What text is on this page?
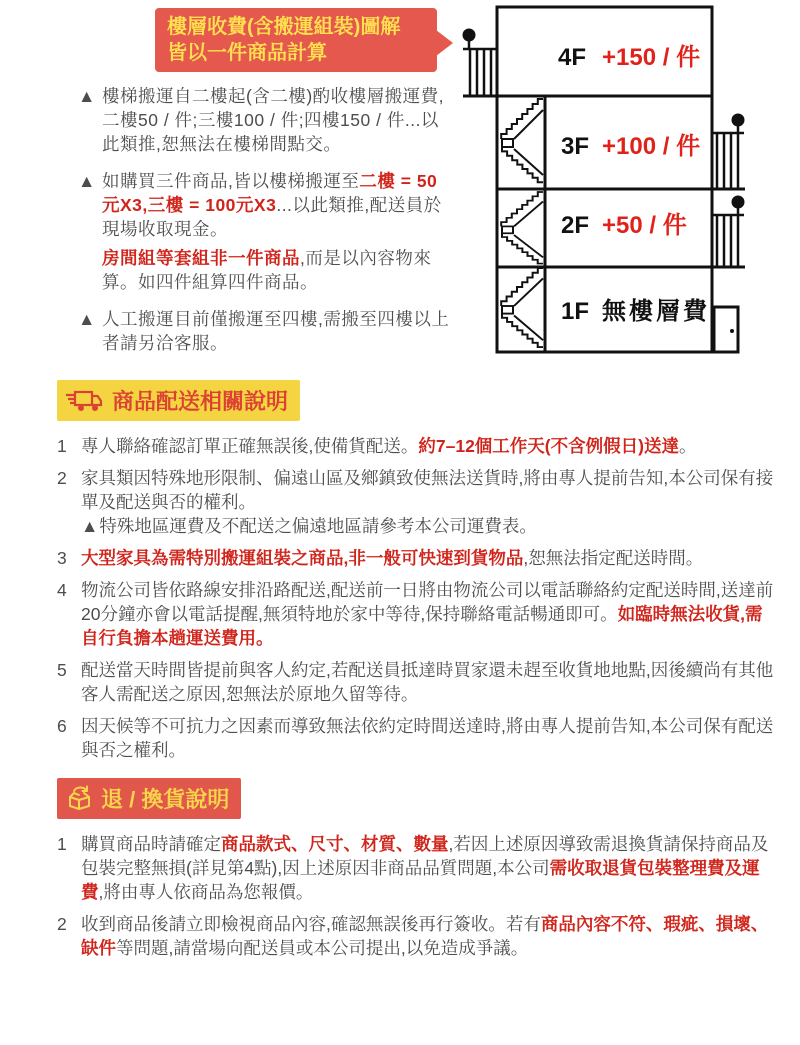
樓層收費(含搬運組裝)圖解
皆以一件商品計算
▲ 樓梯搬運自二樓起(含二樓)酌收樓層搬運費,二樓50 / 件;三樓100 / 件;四樓150 / 件...以此類推,恕無法在樓梯間點交。
▲ 如購買三件商品,皆以樓梯搬運至二樓 = 50元X3,三樓 = 100元X3...以此類推,配送員於現場收取現金。
房間組等套組非一件商品,而是以內容物來算。如四件組算四件商品。
▲ 人工搬運目前僅搬運至四樓,需搬至四樓以上者請另洽客服。
4F +150 / 件
3F +100 / 件
2F +50 / 件
1F 無樓層費
商品配送相關說明
1 專人聯絡確認訂單正確無誤後,使備貨配送。約7–12個工作天(不含例假日)送達。
2 家具類因特殊地形限制、偏遠山區及鄉鎮致使無法送貨時,將由專人提前告知,本公司保有接單及配送與否的權利。
▲特殊地區運費及不配送之偏遠地區請參考本公司運費表。
3 大型家具為需特別搬運組裝之商品,非一般可快速到貨物品,恕無法指定配送時間。
4 物流公司皆依路線安排沿路配送,配送前一日將由物流公司以電話聯絡約定配送時間,送達前20分鐘亦會以電話提醒,無須特地於家中等待,保持聯絡電話暢通即可。如臨時無法收貨,需自行負擔本趟運送費用。
5 配送當天時間皆提前與客人約定,若配送員抵達時買家還未趕至收貨地地點,因後續尚有其他客人需配送之原因,恕無法於原地久留等待。
6 因天候等不可抗力之因素而導致無法依約定時間送達時,將由專人提前告知,本公司保有配送與否之權利。
退 / 換貨說明
1 購買商品時請確定商品款式、尺寸、材質、數量,若因上述原因導致需退換貨請保持商品及包裝完整無損(詳見第4點),因上述原因非商品品質問題,本公司需收取退貨包裝整理費及運費,將由專人依商品為您報價。
2 收到商品後請立即檢視商品內容,確認無誤後再行簽收。若有商品內容不符、瑕疵、損壞、缺件等問題,請當場向配送員或本公司提出,以免造成爭議。
